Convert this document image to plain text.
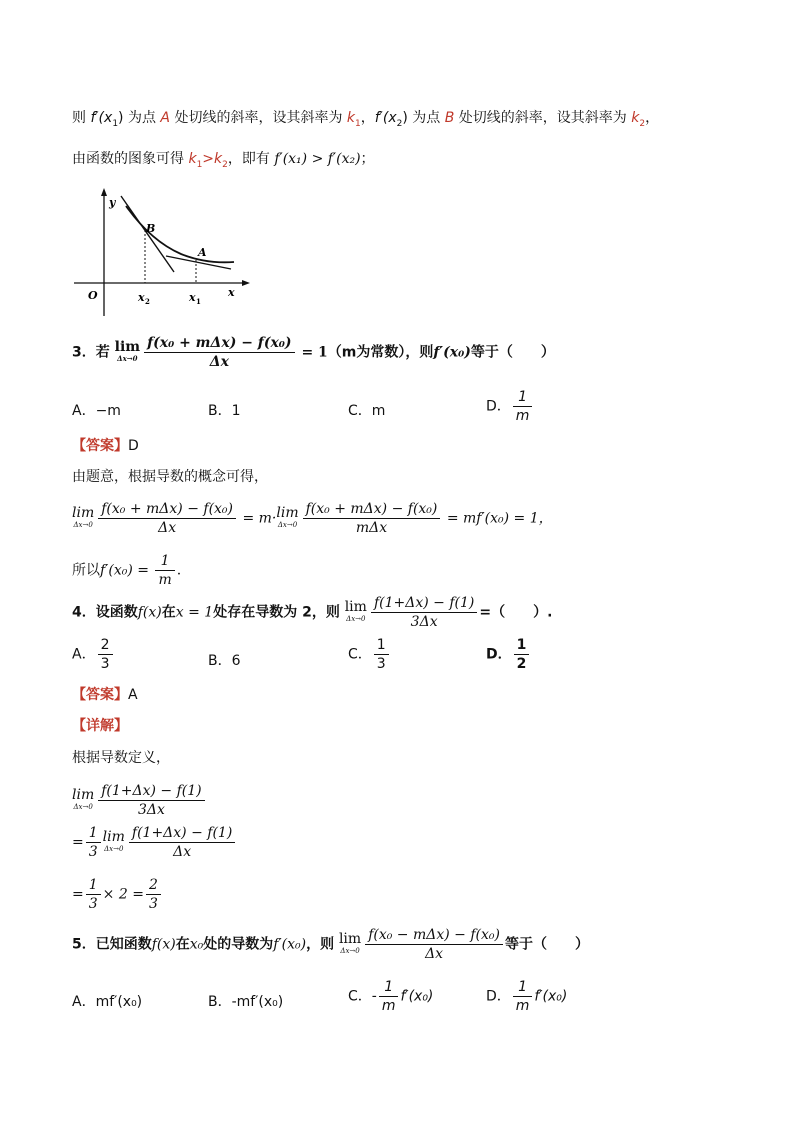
则 $f'(x_1)$ 为点 A 处切线的斜率，设其斜率为 $k_1$，$f'(x_2)$ 为点 B 处切线的斜率，设其斜率为 $k_2$，
由函数的图象可得 $k_1>k_2$，即有 f′(x₁) > f′(x₂)；
y
O	x
B
A
x 2	x 1
3．若 lim
$\Delta x\to 0 \frac{\text{f(x₀ + mΔx) − f(x₀)}}{\Delta x} = 1(m$为常数），则f′(x₀)等于（　　）
A．−m	B．1	C．m	D． $\frac{1}{m}$
【答案】D
由题意，根据导数的概念可得，
lim
$\Delta x\to 0 \frac{\text{f(x₀ + mΔx) − f(x₀)}}{\Delta x} = m\cdot \lim$
$\Delta x\to 0 \frac{\text{f(x₀ + mΔx) − f(x₀)}}{\text{mΔx}} = mf'(x_0) = 1$，
所以$f'(x_0) = \frac{1}{m}$ .
4．设函数f(x)在x = 1处存在导数为 2，则 lim
$\Delta x\to 0 \frac{f(1+\Delta x) - f(1)}{3\Delta x}$ =（　　）.
A． $\frac{2}{3}$	B．6	C． $\frac{1}{3}$	D． $\frac{1}{2}$
【答案】A
【详解】
根据导数定义，
lim
$\Delta x\to 0 \frac{f(1+\Delta x) - f(1)}{3\Delta x}$
= $\frac{1}{3}$ lim
$\Delta x\to 0 \frac{f(1+\Delta x) - f(1)}{\Delta x}$
= $\frac{1}{3} \times 2 = \frac{2}{3}$
5．已知函数f(x)在x₀处的导数为f′(x₀)，则 lim
$\Delta x\to 0 \frac{\text{f(x₀ − mΔx) − f(x₀)}}{\Delta x}$ 等于（　　）
A．mf′(x₀)	B．-mf′(x₀)	C．- $\frac{1}{m} f'(x_0)$	D． $\frac{1}{m} f'(x_0)$
